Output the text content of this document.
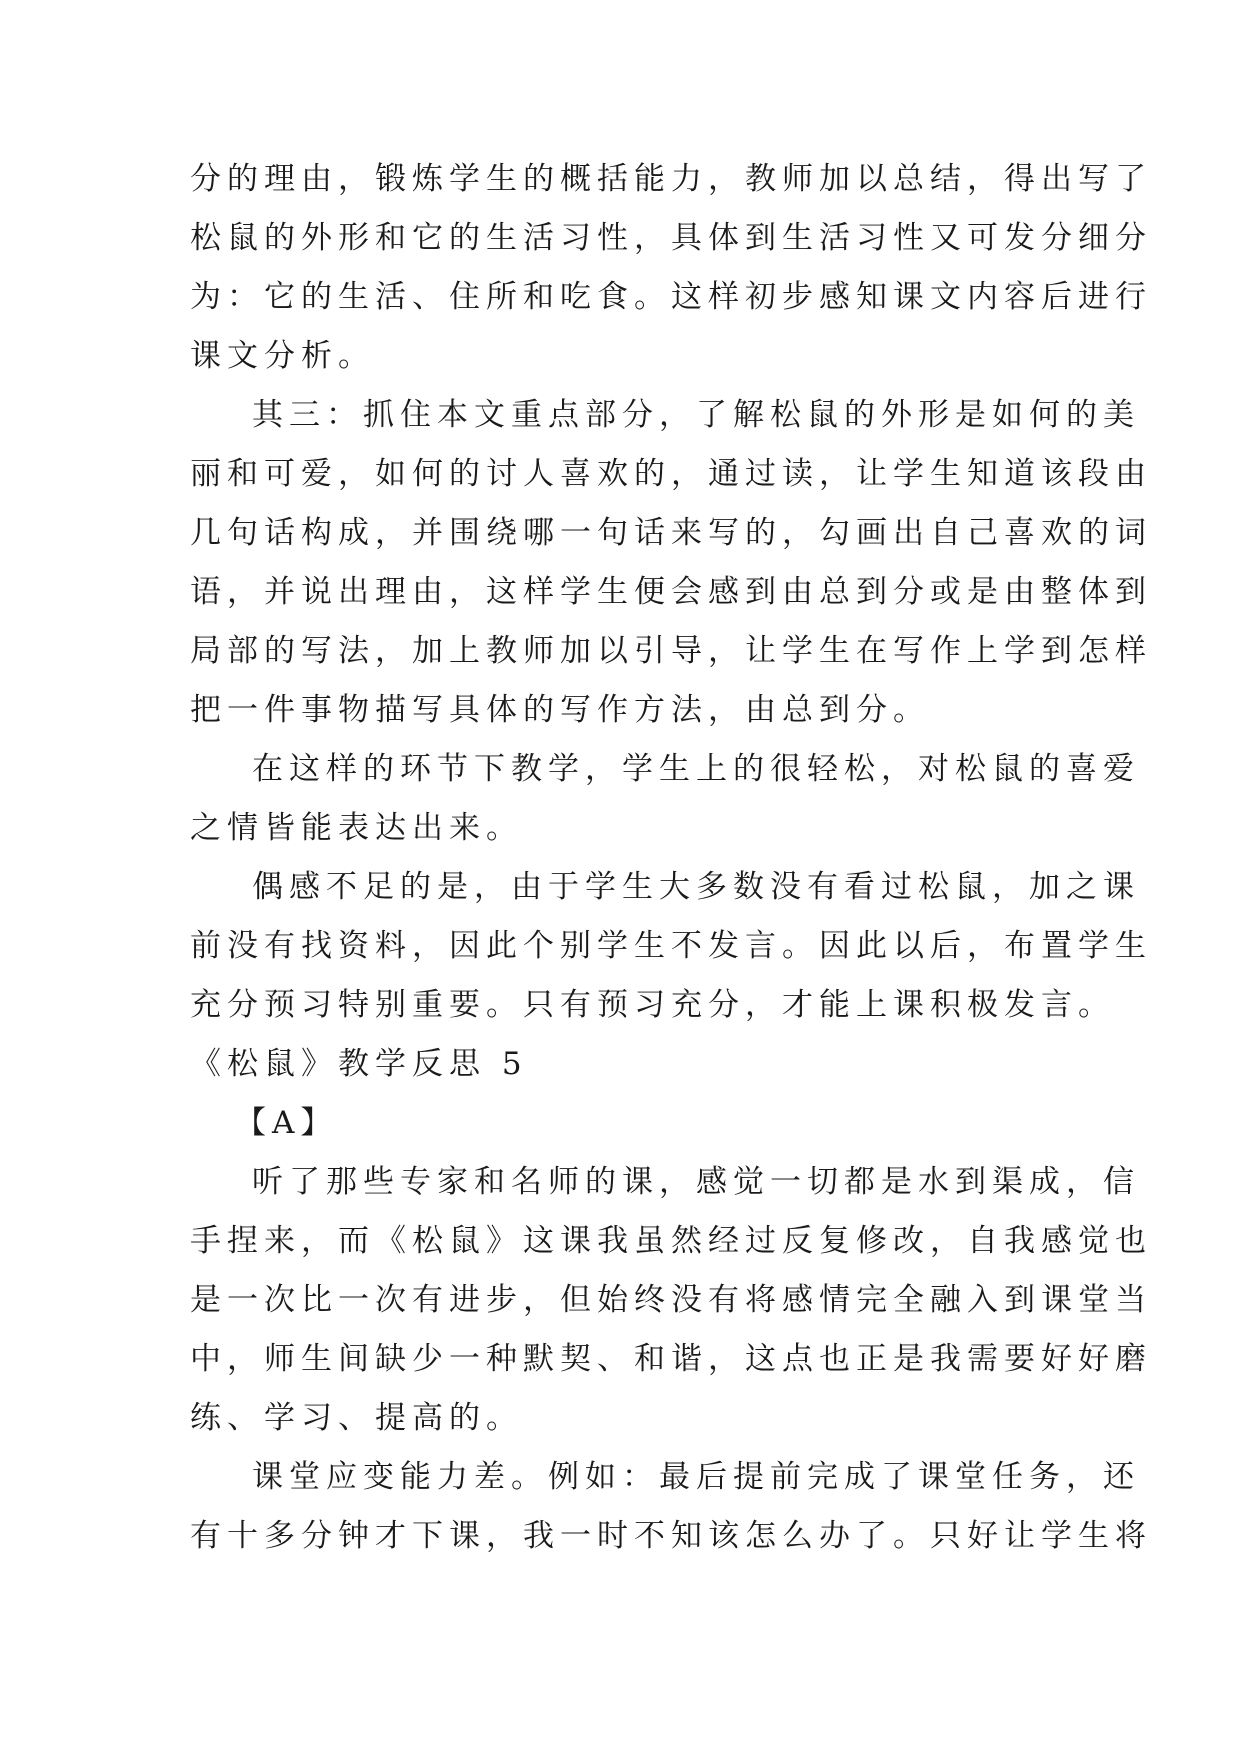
分的理由，锻炼学生的概括能力，教师加以总结，得出写了
松鼠的外形和它的生活习性，具体到生活习性又可发分细分
为：它的生活、住所和吃食。这样初步感知课文内容后进行
课文分析。

其三：抓住本文重点部分，了解松鼠的外形是如何的美
丽和可爱，如何的讨人喜欢的，通过读，让学生知道该段由
几句话构成，并围绕哪一句话来写的，勾画出自己喜欢的词
语，并说出理由，这样学生便会感到由总到分或是由整体到
局部的写法，加上教师加以引导，让学生在写作上学到怎样
把一件事物描写具体的写作方法，由总到分。

在这样的环节下教学，学生上的很轻松，对松鼠的喜爱
之情皆能表达出来。

偶感不足的是，由于学生大多数没有看过松鼠，加之课
前没有找资料，因此个别学生不发言。因此以后，布置学生
充分预习特别重要。只有预习充分，才能上课积极发言。

《松鼠》教学反思 5

【A】

听了那些专家和名师的课，感觉一切都是水到渠成，信
手捏来，而《松鼠》这课我虽然经过反复修改，自我感觉也
是一次比一次有进步，但始终没有将感情完全融入到课堂当
中，师生间缺少一种默契、和谐，这点也正是我需要好好磨
练、学习、提高的。

课堂应变能力差。例如：最后提前完成了课堂任务，还
有十多分钟才下课，我一时不知该怎么办了。只好让学生将
